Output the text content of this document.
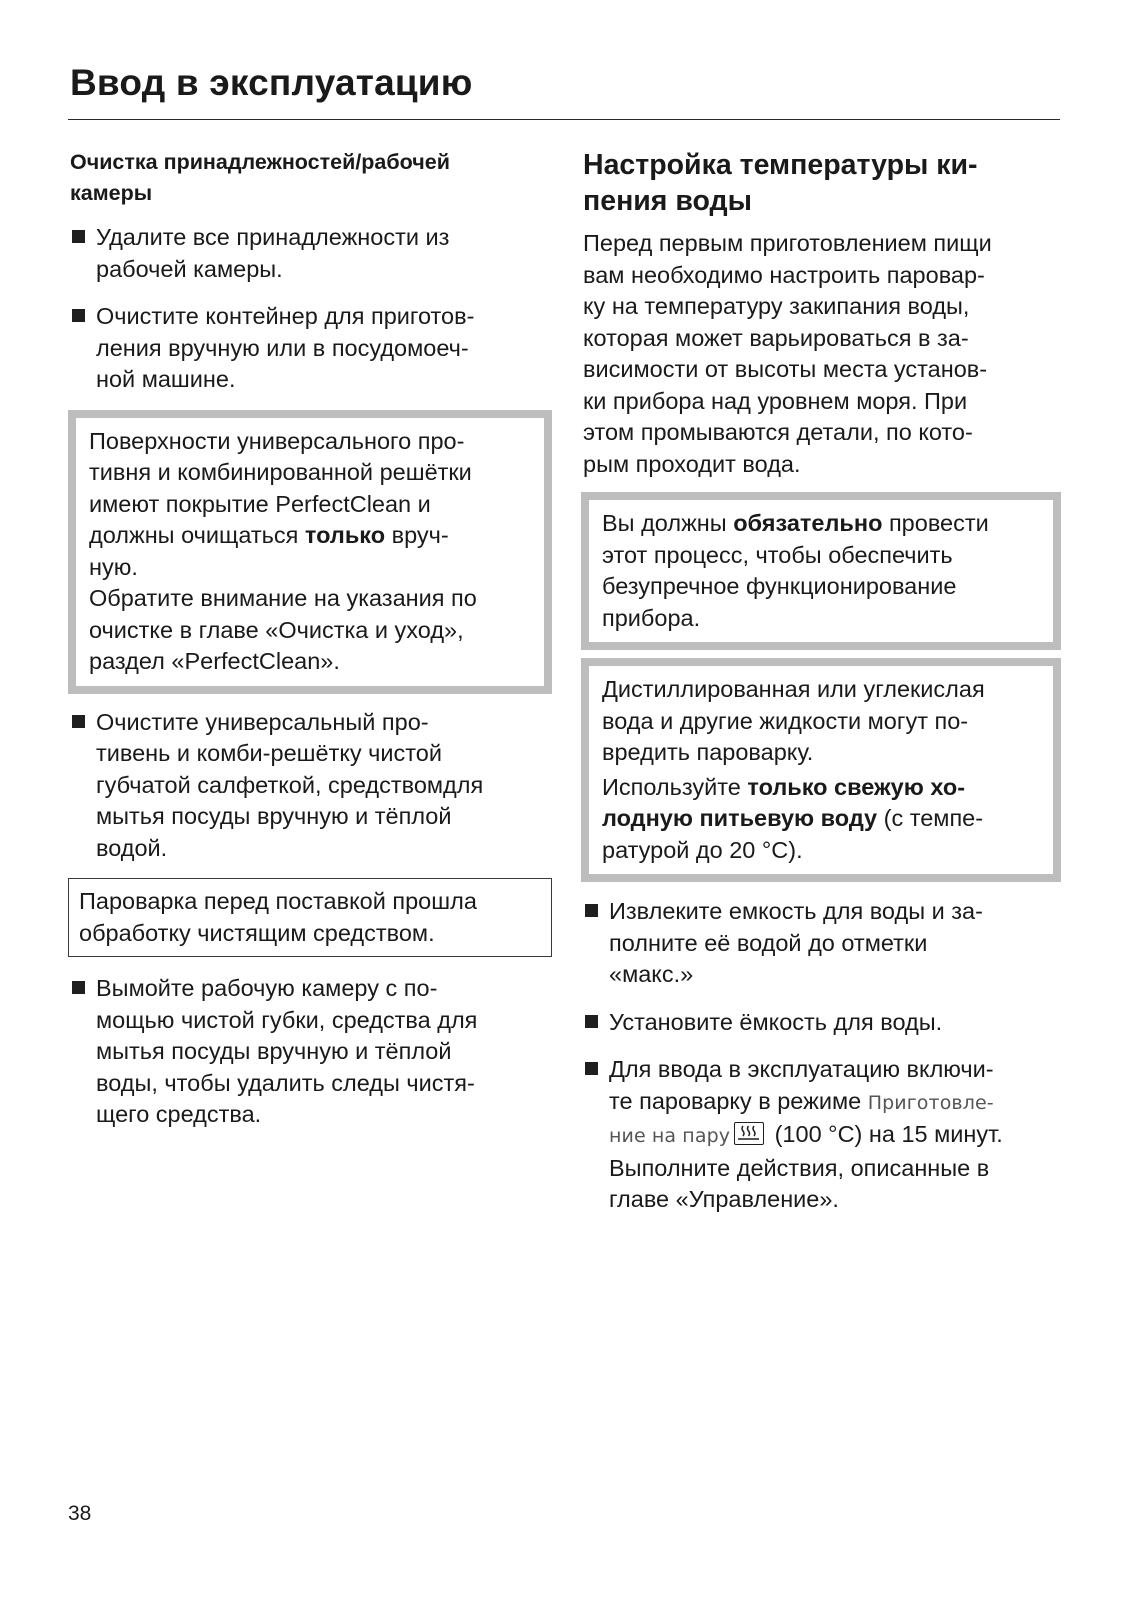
Ввод в эксплуатацию
Очистка принадлежностей/рабочей
камеры
Удалите все принадлежности из
рабочей камеры.
Очистите контейнер для приготов-
ления вручную или в посудомоеч-
ной машине.
Поверхности универсального про-
тивня и комбинированной решётки
имеют покрытие PerfectClean и
должны очищаться только вруч-
ную.
Обратите внимание на указания по
очистке в главе «Очистка и уход»,
раздел «PerfectClean».
Очистите универсальный про-
тивень и комби-решётку чистой
губчатой салфеткой, средствомдля
мытья посуды вручную и тёплой
водой.
Пароварка перед поставкой прошла
обработку чистящим средством.
Вымойте рабочую камеру с по-
мощью чистой губки, средства для
мытья посуды вручную и тёплой
воды, чтобы удалить следы чистя-
щего средства.
Настройка температуры ки-
пения воды

Перед первым приготовлением пищи
вам необходимо настроить паровар-
ку на температуру закипания воды,
которая может варьироваться в за-
висимости от высоты места установ-
ки прибора над уровнем моря. При
этом промываются детали, по кото-
рым проходит вода.

Вы должны обязательно провести
этот процесс, чтобы обеспечить
безупречное функционирование
прибора.
Дистиллированная или углекислая
вода и другие жидкости могут по-
вредить пароварку.
Используйте только свежую хо-
лодную питьевую воду (с темпе-
ратурой до 20 °C).
Извлеките емкость для воды и за-
полните её водой до отметки
«макс.»
Установите ёмкость для воды.
Для ввода в эксплуатацию включи-
те пароварку в режиме Приготовле-
ние на пару
(100 °C) на 15 минут.
Выполните действия, описанные в
главе «Управление».
38
